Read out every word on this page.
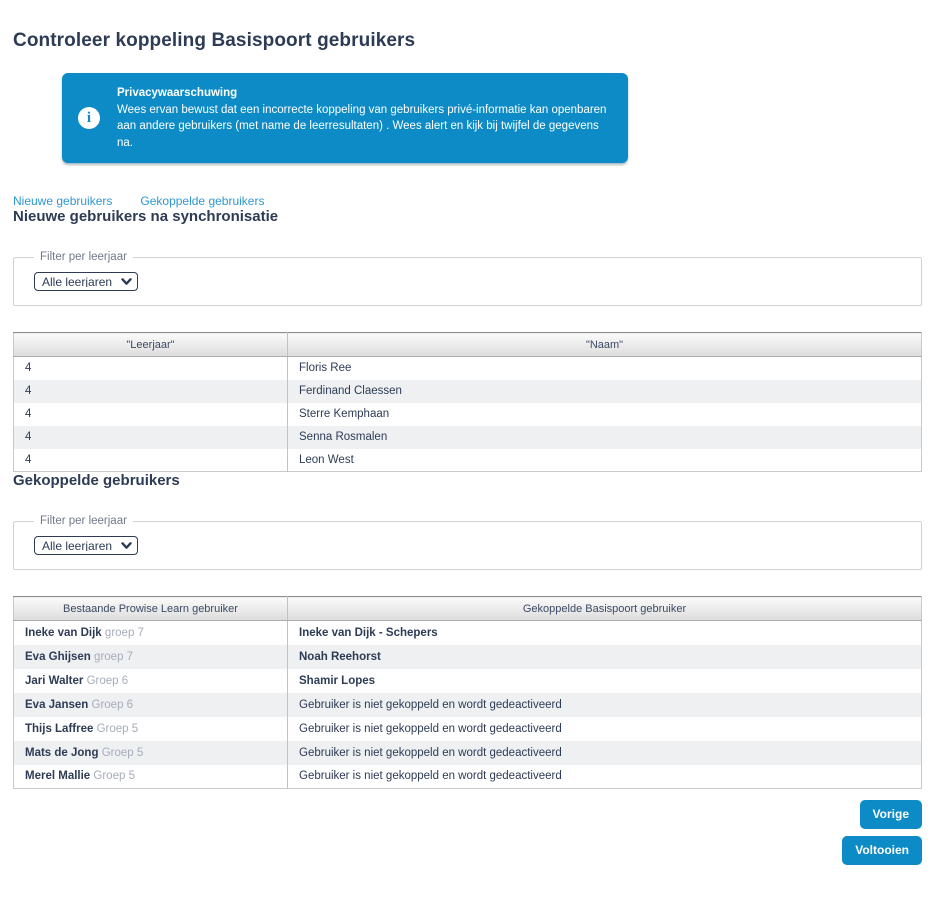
Controleer koppeling Basispoort gebruikers
i
Privacywaarschuwing
Wees ervan bewust dat een incorrecte koppeling van gebruikers privé-informatie kan openbaren aan andere gebruikers (met name de leerresultaten) . Wees alert en kijk bij twijfel de gegevens na.
Nieuwe gebruikers Gekoppelde gebruikers
Nieuwe gebruikers na synchronisatie
Filter per leerjaar
Alle leerjaren
"Leerjaar"	"Naam"
4	Floris Ree
4	Ferdinand Claessen
4	Sterre Kemphaan
4	Senna Rosmalen
4	Leon West
Gekoppelde gebruikers
Filter per leerjaar
Alle leerjaren
Bestaande Prowise Learn gebruiker	Gekoppelde Basispoort gebruiker
Ineke van Dijk groep 7	Ineke van Dijk - Schepers
Eva Ghijsen groep 7	Noah Reehorst
Jari Walter Groep 6	Shamir Lopes
Eva Jansen Groep 6	Gebruiker is niet gekoppeld en wordt gedeactiveerd
Thijs Laffree Groep 5	Gebruiker is niet gekoppeld en wordt gedeactiveerd
Mats de Jong Groep 5	Gebruiker is niet gekoppeld en wordt gedeactiveerd
Merel Mallie Groep 5	Gebruiker is niet gekoppeld en wordt gedeactiveerd
Vorige
Voltooien
